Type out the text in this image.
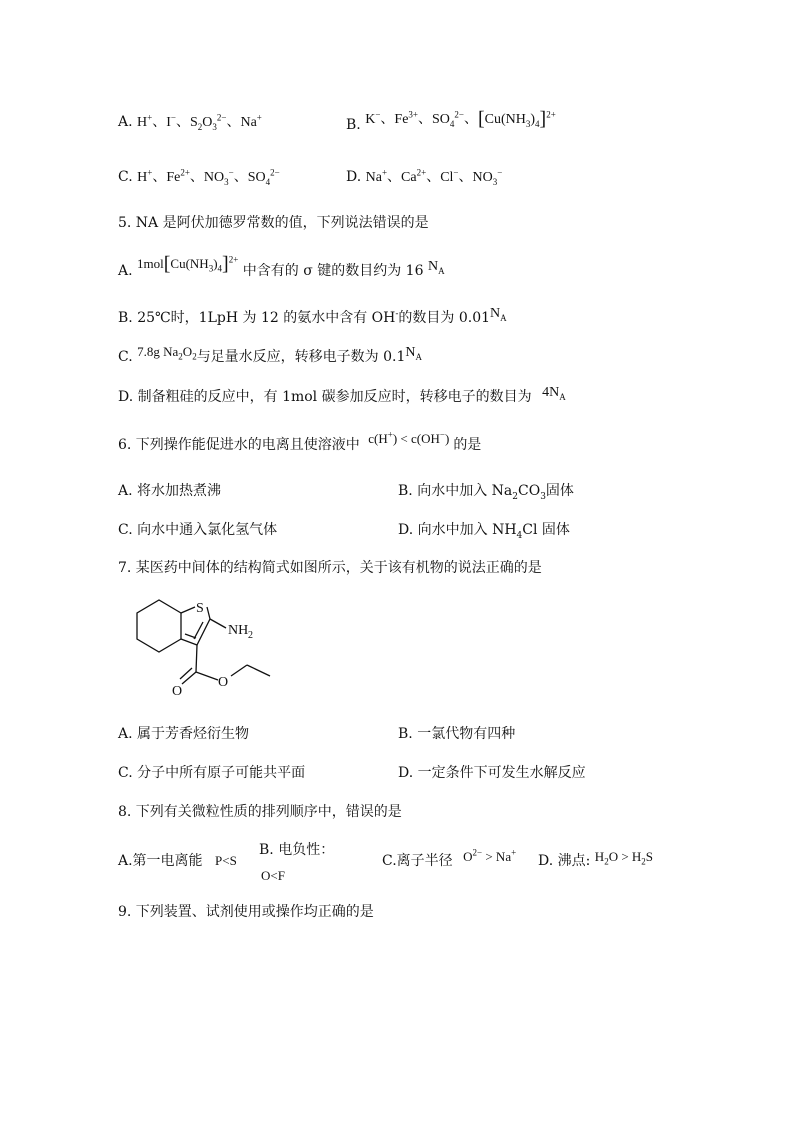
A. H+、I−、$S_2O_3^{2-}$、Na+	B. K−、$Fe^{3+}$、$SO_4^{2-}$、$[Cu(NH_3)_4]^{2+}$
C. H+、$Fe^{2+}$、$NO_3^-$、$SO_4^{2-}$	D. Na+、$Ca^{2+}$、Cl−、$NO_3^-$
5. NA 是阿伏加德罗常数的值，下列说法错误的是
A. $1mol[Cu(NH_3)_4]^{2+}$ 中含有的 σ 键的数目约为 16 $N_A$
B. 25℃时，1LpH 为 12 的氨水中含有 OH-的数目为 $0.01N_A$
C. 7.8g $Na_2O_2$与足量水反应，转移电子数为 $0.1N_A$
D. 制备粗硅的反应中，有 1mol 碳参加反应时，转移电子的数目为 $4N_A$
6. 下列操作能促进水的电离且使溶液中 c(H+) < c(OH−) 的是
A. 将水加热煮沸	B. 向水中加入 $Na_2CO_3$固体
C. 向水中通入氯化氢气体	D. 向水中加入 $NH_4Cl$ 固体
7. 某医药中间体的结构简式如图所示，关于该有机物的说法正确的是
S
NH 2
O
O
A. 属于芳香烃衍生物	B. 一氯代物有四种
C. 分子中所有原子可能共平面	D. 一定条件下可发生水解反应
8. 下列有关微粒性质的排列顺序中，错误的是
A.第一电离能 P<S
B. 电负性：
O<F
C.离子半径 $O^{2-} > Na^+$
D. 沸点: $H_2O > H_2S$
9. 下列装置、试剂使用或操作均正确的是
